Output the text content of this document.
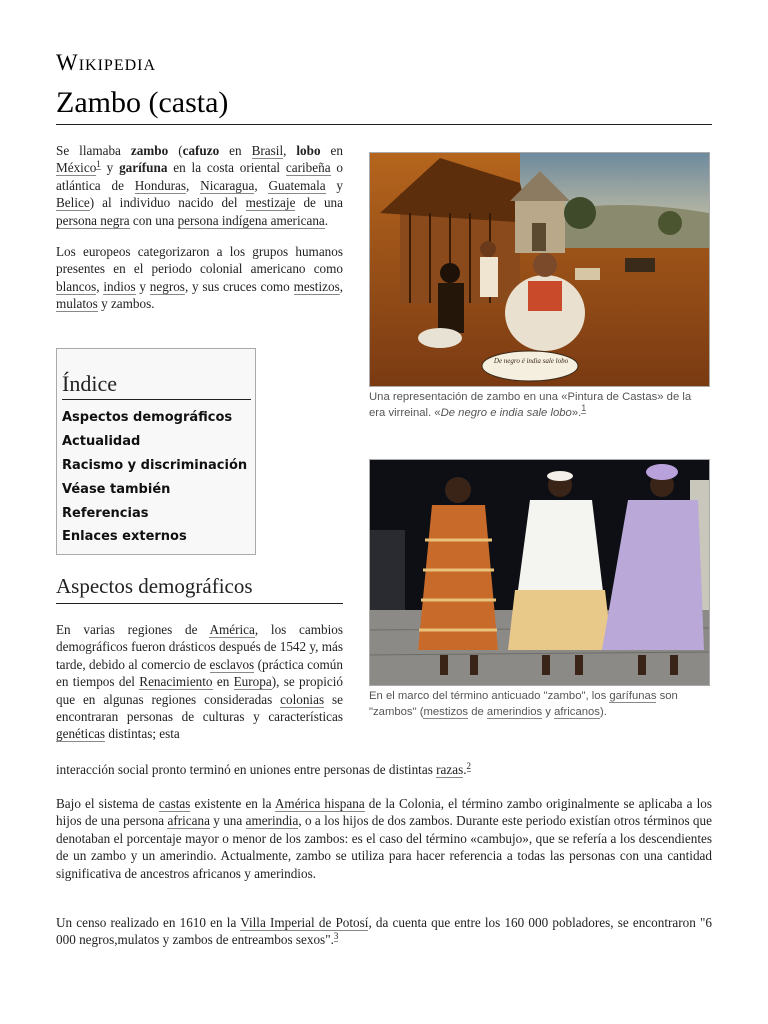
Wikipedia
Zambo (casta)

Se llamaba zambo (cafuzo en Brasil, lobo en México$^1$ y garífuna en la costa oriental caribeña o atlántica de Honduras, Nicaragua, Guatemala y Belice) al individuo nacido del mestizaje de una persona negra con una persona indígena americana.

Los europeos categorizaron a los grupos humanos presentes en el periodo colonial americano como blancos, indios y negros, y sus cruces como mestizos, mulatos y zambos.

De negro é india sale lobo
Una representación de zambo en una «Pintura de Castas» de la era virreinal. «De negro e india sale lobo».$^1$
Índice
Aspectos demográficos
Actualidad
Racismo y discriminación
Véase también
Referencias
Enlaces externos
En el marco del término anticuado "zambo", los garífunas son "zambos" (mestizos de amerindios y africanos).
Aspectos demográficos

En varias regiones de América, los cambios demográficos fueron drásticos después de 1542 y, más tarde, debido al comercio de esclavos (práctica común en tiempos del Renacimiento en Europa), se propició que en algunas regiones consideradas colonias se encontraran personas de culturas y características genéticas distintas; esta

interacción social pronto terminó en uniones entre personas de distintas razas.$^2$

Bajo el sistema de castas existente en la América hispana de la Colonia, el término zambo originalmente se aplicaba a los hijos de una persona africana y una amerindia, o a los hijos de dos zambos. Durante este periodo existían otros términos que denotaban el porcentaje mayor o menor de los zambos: es el caso del término «cambujo», que se refería a los descendientes de un zambo y un amerindio. Actualmente, zambo se utiliza para hacer referencia a todas las personas con una cantidad significativa de ancestros africanos y amerindios.

Un censo realizado en 1610 en la Villa Imperial de Potosí, da cuenta que entre los 160 000 pobladores, se encontraron "6 000 negros,mulatos y zambos de entreambos sexos".$^3$
